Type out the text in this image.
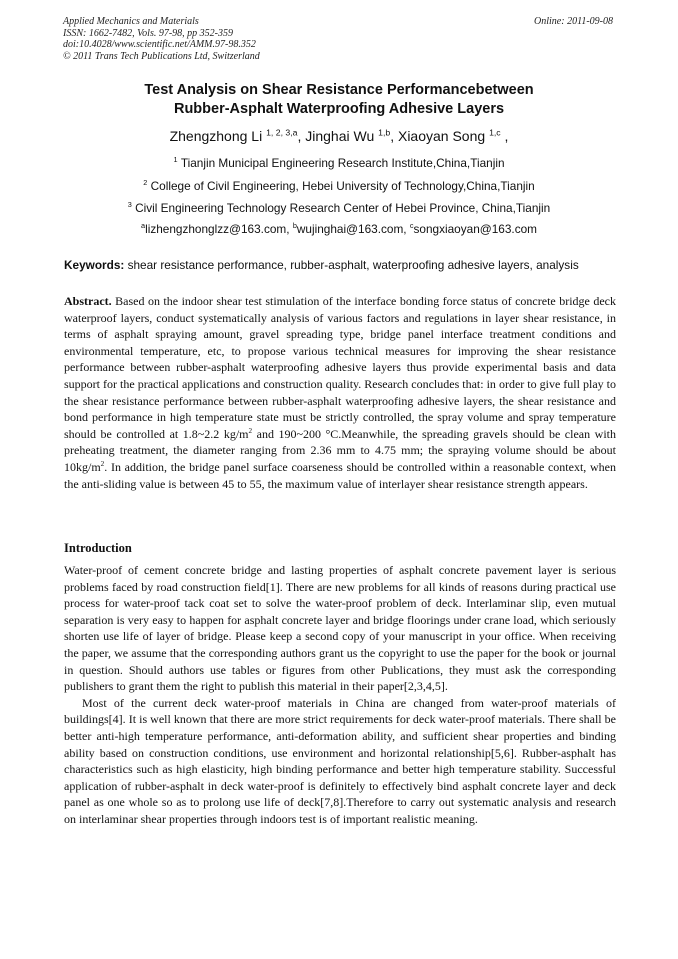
Applied Mechanics and Materials
ISSN: 1662-7482, Vols. 97-98, pp 352-359
doi:10.4028/www.scientific.net/AMM.97-98.352
© 2011 Trans Tech Publications Ltd, Switzerland
Online: 2011-09-08
Test Analysis on Shear Resistance Performancebetween
Rubber-Asphalt Waterproofing Adhesive Layers
Zhengzhong Li $^{1, 2, 3,a}$, Jinghai Wu $^{1,b}$, Xiaoyan Song $^{1,c}$ ,
$^1$ Tianjin Municipal Engineering Research Institute,China,Tianjin
$^2$ College of Civil Engineering, Hebei University of Technology,China,Tianjin
$^3$ Civil Engineering Technology Research Center of Hebei Province, China,Tianjin
$^a$lizhengzhonglzz@163.com, $^b$wujinghai@163.com, $^c$songxiaoyan@163.com
Keywords: shear resistance performance, rubber-asphalt, waterproofing adhesive layers, analysis
Abstract. Based on the indoor shear test stimulation of the interface bonding force status of concrete bridge deck waterproof layers, conduct systematically analysis of various factors and regulations in layer shear resistance, in terms of asphalt spraying amount, gravel spreading type, bridge panel interface treatment conditions and environmental temperature, etc, to propose various technical measures for improving the shear resistance performance between rubber-asphalt waterproofing adhesive layers thus provide experimental basis and data support for the practical applications and construction quality. Research concludes that: in order to give full play to the shear resistance performance between rubber-asphalt waterproofing adhesive layers, the shear resistance and bond performance in high temperature state must be strictly controlled, the spray volume and spray temperature should be controlled at 1.8~2.2 $kg/m^2$ and 190~200 °C.Meanwhile, the spreading gravels should be clean with preheating treatment, the diameter ranging from 2.36 mm to 4.75 mm; the spraying volume should be about $10kg/m^2$. In addition, the bridge panel surface coarseness should be controlled within a reasonable context, when the anti-sliding value is between 45 to 55, the maximum value of interlayer shear resistance strength appears.
Introduction
Water-proof of cement concrete bridge and lasting properties of asphalt concrete pavement layer is serious problems faced by road construction field[1]. There are new problems for all kinds of reasons during practical use process for water-proof tack coat set to solve the water-proof problem of deck. Interlaminar slip, even mutual separation is very easy to happen for asphalt concrete layer and bridge floorings under crane load, which seriously shorten use life of layer of bridge. Please keep a second copy of your manuscript in your office. When receiving the paper, we assume that the corresponding authors grant us the copyright to use the paper for the book or journal in question. Should authors use tables or figures from other Publications, they must ask the corresponding publishers to grant them the right to publish this material in their paper[2,3,4,5].
Most of the current deck water-proof materials in China are changed from water-proof materials of buildings[4]. It is well known that there are more strict requirements for deck water-proof materials. There shall be better anti-high temperature performance, anti-deformation ability, and sufficient shear properties and binding ability based on construction conditions, use environment and horizontal relationship[5,6]. Rubber-asphalt has characteristics such as high elasticity, high binding performance and better high temperature stability. Successful application of rubber-asphalt in deck water-proof is definitely to effectively bind asphalt concrete layer and deck panel as one whole so as to prolong use life of deck[7,8].Therefore to carry out systematic analysis and research on interlaminar shear properties through indoors test is of important realistic meaning.
